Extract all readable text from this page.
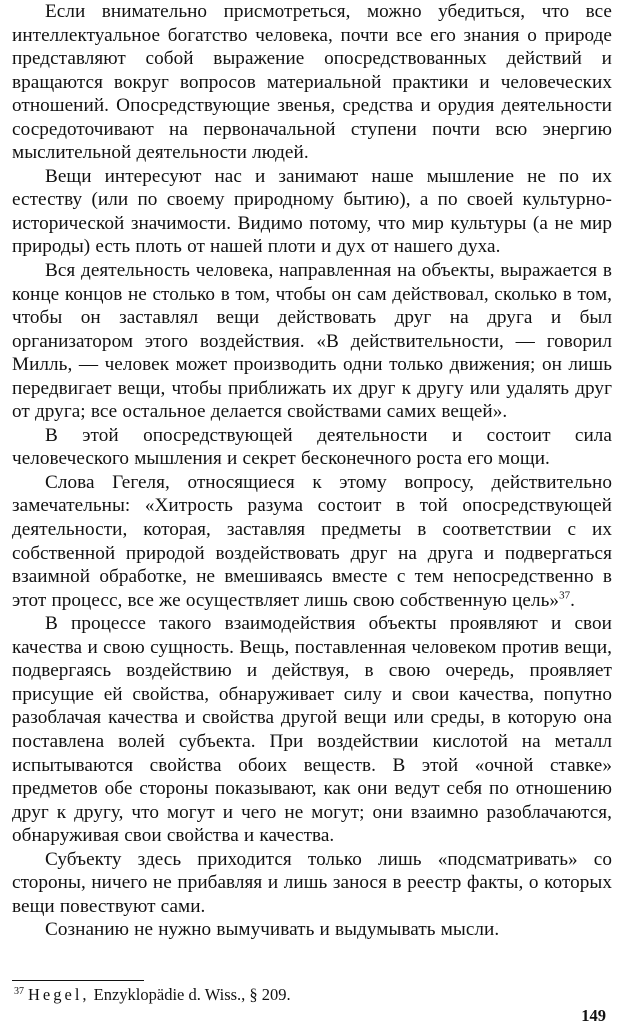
Если внимательно присмотреться, можно убедиться, что все интеллектуальное богатство человека, почти все его знания о природе представляют собой выражение опосредствованных действий и вращаются вокруг вопросов материальной практики и человеческих отношений. Опосредствующие звенья, средства и орудия деятельности сосредоточивают на первоначальной ступени почти всю энергию мыслительной деятельности людей.

Вещи интересуют нас и занимают наше мышление не по их естеству (или по своему природному бытию), а по своей культурно-исторической значимости. Видимо потому, что мир культуры (а не мир природы) есть плоть от нашей плоти и дух от нашего духа.

Вся деятельность человека, направленная на объекты, выражается в конце концов не столько в том, чтобы он сам действовал, сколько в том, чтобы он заставлял вещи действовать друг на друга и был организатором этого воздействия. «В действительности, — говорил Милль, — человек может производить одни только движения; он лишь передвигает вещи, чтобы приближать их друг к другу или удалять друг от друга; все остальное делается свойствами самих вещей».

В этой опосредствующей деятельности и состоит сила человеческого мышления и секрет бесконечного роста его мощи.

Слова Гегеля, относящиеся к этому вопросу, действительно замечательны: «Хитрость разума состоит в той опосредствующей деятельности, которая, заставляя предметы в соответствии с их собственной природой воздействовать друг на друга и подвергаться взаимной обработке, не вмешиваясь вместе с тем непосредственно в этот процесс, все же осуществляет лишь свою собственную цель»$^{37}$.

В процессе такого взаимодействия объекты проявляют и свои качества и свою сущность. Вещь, поставленная человеком против вещи, подвергаясь воздействию и действуя, в свою очередь, проявляет присущие ей свойства, обнаруживает силу и свои качества, попутно разоблачая качества и свойства другой вещи или среды, в которую она поставлена волей субъекта. При воздействии кислотой на металл испытываются свойства обоих веществ. В этой «очной ставке» предметов обе стороны показывают, как они ведут себя по отношению друг к другу, что могут и чего не могут; они взаимно разоблачаются, обнаруживая свои свойства и качества.

Субъекту здесь приходится только лишь «подсматривать» со стороны, ничего не прибавляя и лишь занося в реестр факты, о которых вещи повествуют сами.

Сознанию не нужно вымучивать и выдумывать мысли.

$^{37}$ Hegel, Enzyklopädie d. Wiss., § 209.

149
